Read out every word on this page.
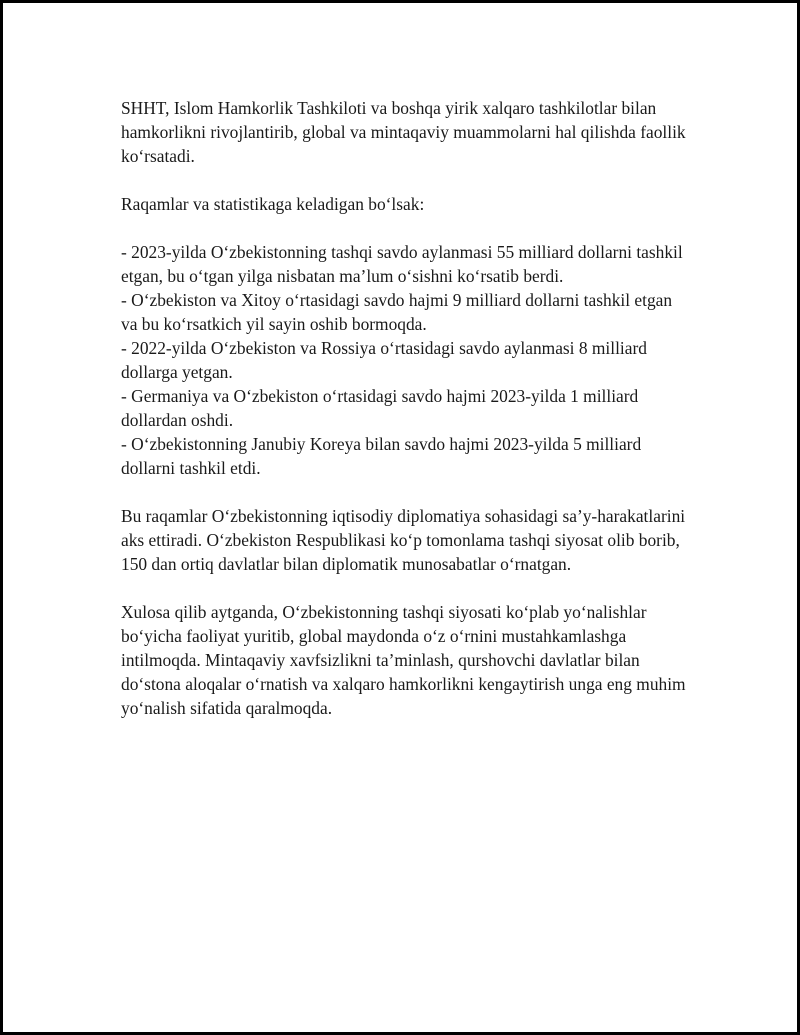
SHHT, Islom Hamkorlik Tashkiloti va boshqa yirik xalqaro tashkilotlar bilan hamkorlikni rivojlantirib, global va mintaqaviy muammolarni hal qilishda faollik ko‘rsatadi.

Raqamlar va statistikaga keladigan bo‘lsak:

- 2023-yilda O‘zbekistonning tashqi savdo aylanmasi 55 milliard dollarni tashkil etgan, bu o‘tgan yilga nisbatan ma’lum o‘sishni ko‘rsatib berdi.
- O‘zbekiston va Xitoy o‘rtasidagi savdo hajmi 9 milliard dollarni tashkil etgan va bu ko‘rsatkich yil sayin oshib bormoqda.
- 2022-yilda O‘zbekiston va Rossiya o‘rtasidagi savdo aylanmasi 8 milliard dollarga yetgan.
- Germaniya va O‘zbekiston o‘rtasidagi savdo hajmi 2023-yilda 1 milliard dollardan oshdi.
- O‘zbekistonning Janubiy Koreya bilan savdo hajmi 2023-yilda 5 milliard dollarni tashkil etdi.

Bu raqamlar O‘zbekistonning iqtisodiy diplomatiya sohasidagi sa’y-harakatlarini aks ettiradi. O‘zbekiston Respublikasi ko‘p tomonlama tashqi siyosat olib borib, 150 dan ortiq davlatlar bilan diplomatik munosabatlar o‘rnatgan.

Xulosa qilib aytganda, O‘zbekistonning tashqi siyosati ko‘plab yo‘nalishlar bo‘yicha faoliyat yuritib, global maydonda o‘z o‘rnini mustahkamlashga intilmoqda. Mintaqaviy xavfsizlikni ta’minlash, qurshovchi davlatlar bilan do‘stona aloqalar o‘rnatish va xalqaro hamkorlikni kengaytirish unga eng muhim yo‘nalish sifatida qaralmoqda.
